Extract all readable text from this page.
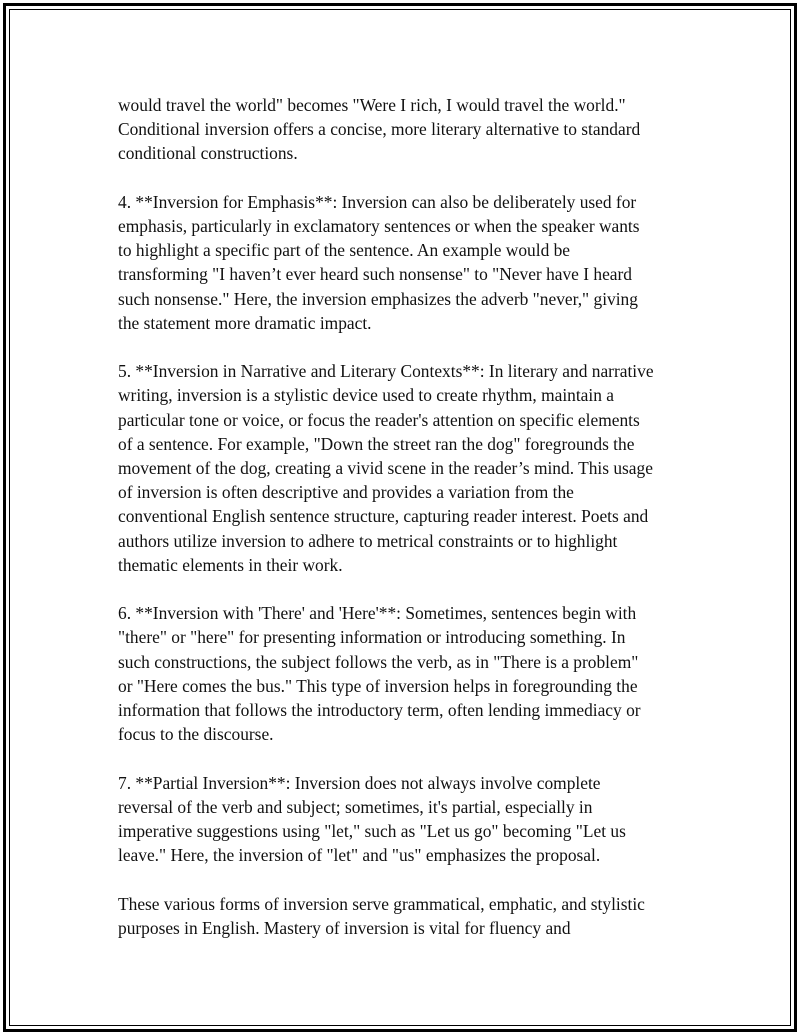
would travel the world" becomes "Were I rich, I would travel the world."
Conditional inversion offers a concise, more literary alternative to standard
conditional constructions.

4. **Inversion for Emphasis**: Inversion can also be deliberately used for
emphasis, particularly in exclamatory sentences or when the speaker wants
to highlight a specific part of the sentence. An example would be
transforming "I haven’t ever heard such nonsense" to "Never have I heard
such nonsense." Here, the inversion emphasizes the adverb "never," giving
the statement more dramatic impact.

5. **Inversion in Narrative and Literary Contexts**: In literary and narrative
writing, inversion is a stylistic device used to create rhythm, maintain a
particular tone or voice, or focus the reader's attention on specific elements
of a sentence. For example, "Down the street ran the dog" foregrounds the
movement of the dog, creating a vivid scene in the reader’s mind. This usage
of inversion is often descriptive and provides a variation from the
conventional English sentence structure, capturing reader interest. Poets and
authors utilize inversion to adhere to metrical constraints or to highlight
thematic elements in their work.

6. **Inversion with 'There' and 'Here'**: Sometimes, sentences begin with
"there" or "here" for presenting information or introducing something. In
such constructions, the subject follows the verb, as in "There is a problem"
or "Here comes the bus." This type of inversion helps in foregrounding the
information that follows the introductory term, often lending immediacy or
focus to the discourse.

7. **Partial Inversion**: Inversion does not always involve complete
reversal of the verb and subject; sometimes, it's partial, especially in
imperative suggestions using "let," such as "Let us go" becoming "Let us
leave." Here, the inversion of "let" and "us" emphasizes the proposal.

These various forms of inversion serve grammatical, emphatic, and stylistic
purposes in English. Mastery of inversion is vital for fluency and
